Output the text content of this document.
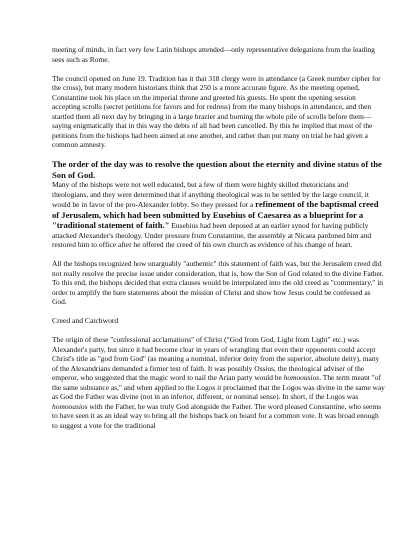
meeting of minds, in fact very few Latin bishops attended—only representative delegations from the leading sees such as Rome.

The council opened on June 19. Tradition has it that 318 clergy were in attendance (a Greek number cipher for the cross), but many modern historians think that 250 is a more accurate figure. As the meeting opened, Constantine took his place on the imperial throne and greeted his guests. He spent the opening session accepting scrolls (secret petitions for favors and for redress) from the many bishops in attendance, and then startled them all next day by bringing in a large brazier and burning the whole pile of scrolls before them—saying enigmatically that in this way the debts of all had been cancelled. By this he implied that most of the petitions from the bishops had been aimed at one another, and rather than put many on trial he had given a common amnesty.

The order of the day was to resolve the question about the eternity and divine status of the Son of God.
Many of the bishops were not well educated, but a few of them were highly skilled rhetoricians and theologians, and they were determined that if anything theological was to be settled by the large council, it would be in favor of the pro-Alexander lobby. So they pressed for a refinement of the baptismal creed of Jerusalem, which had been submitted by Eusebius of Caesarea as a blueprint for a "traditional statement of faith." Eusebius had been deposed at an earlier synod for having publicly attacked Alexander's theology. Under pressure from Constantine, the assembly at Nicaea pardoned him and restored him to office after he offered the creed of his own church as evidence of his change of heart.

All the bishops recognized how unarguably "authentic" this statement of faith was, but the Jerusalem creed did not really resolve the precise issue under consideration, that is, how the Son of God related to the divine Father. To this end, the bishops decided that extra clauses would be interpolated into the old creed as "commentary," in order to amplify the bare statements about the mission of Christ and show how Jesus could be confessed as God.

Creed and Catchword

The origin of these "confessional acclamations" of Christ ("God from God, Light from Light" etc.) was Alexander's party, but since it had become clear in years of wrangling that even their opponents could accept Christ's title as "god from God" (as meaning a nominal, inferior deity from the superior, absolute deity), many of the Alexandrians demanded a firmer test of faith. It was possibly Ossius, the theological adviser of the emperor, who suggested that the magic word to nail the Arian party would be homoousios. The term meant "of the same substance as," and when applied to the Logos it proclaimed that the Logos was divine in the same way as God the Father was divine (not in an inferior, different, or nominal sense). In short, if the Logos was homoousios with the Father, he was truly God alongside the Father. The word pleased Constantine, who seems to have seen it as an ideal way to bring all the bishops back on board for a common vote. It was broad enough to suggest a vote for the traditional
